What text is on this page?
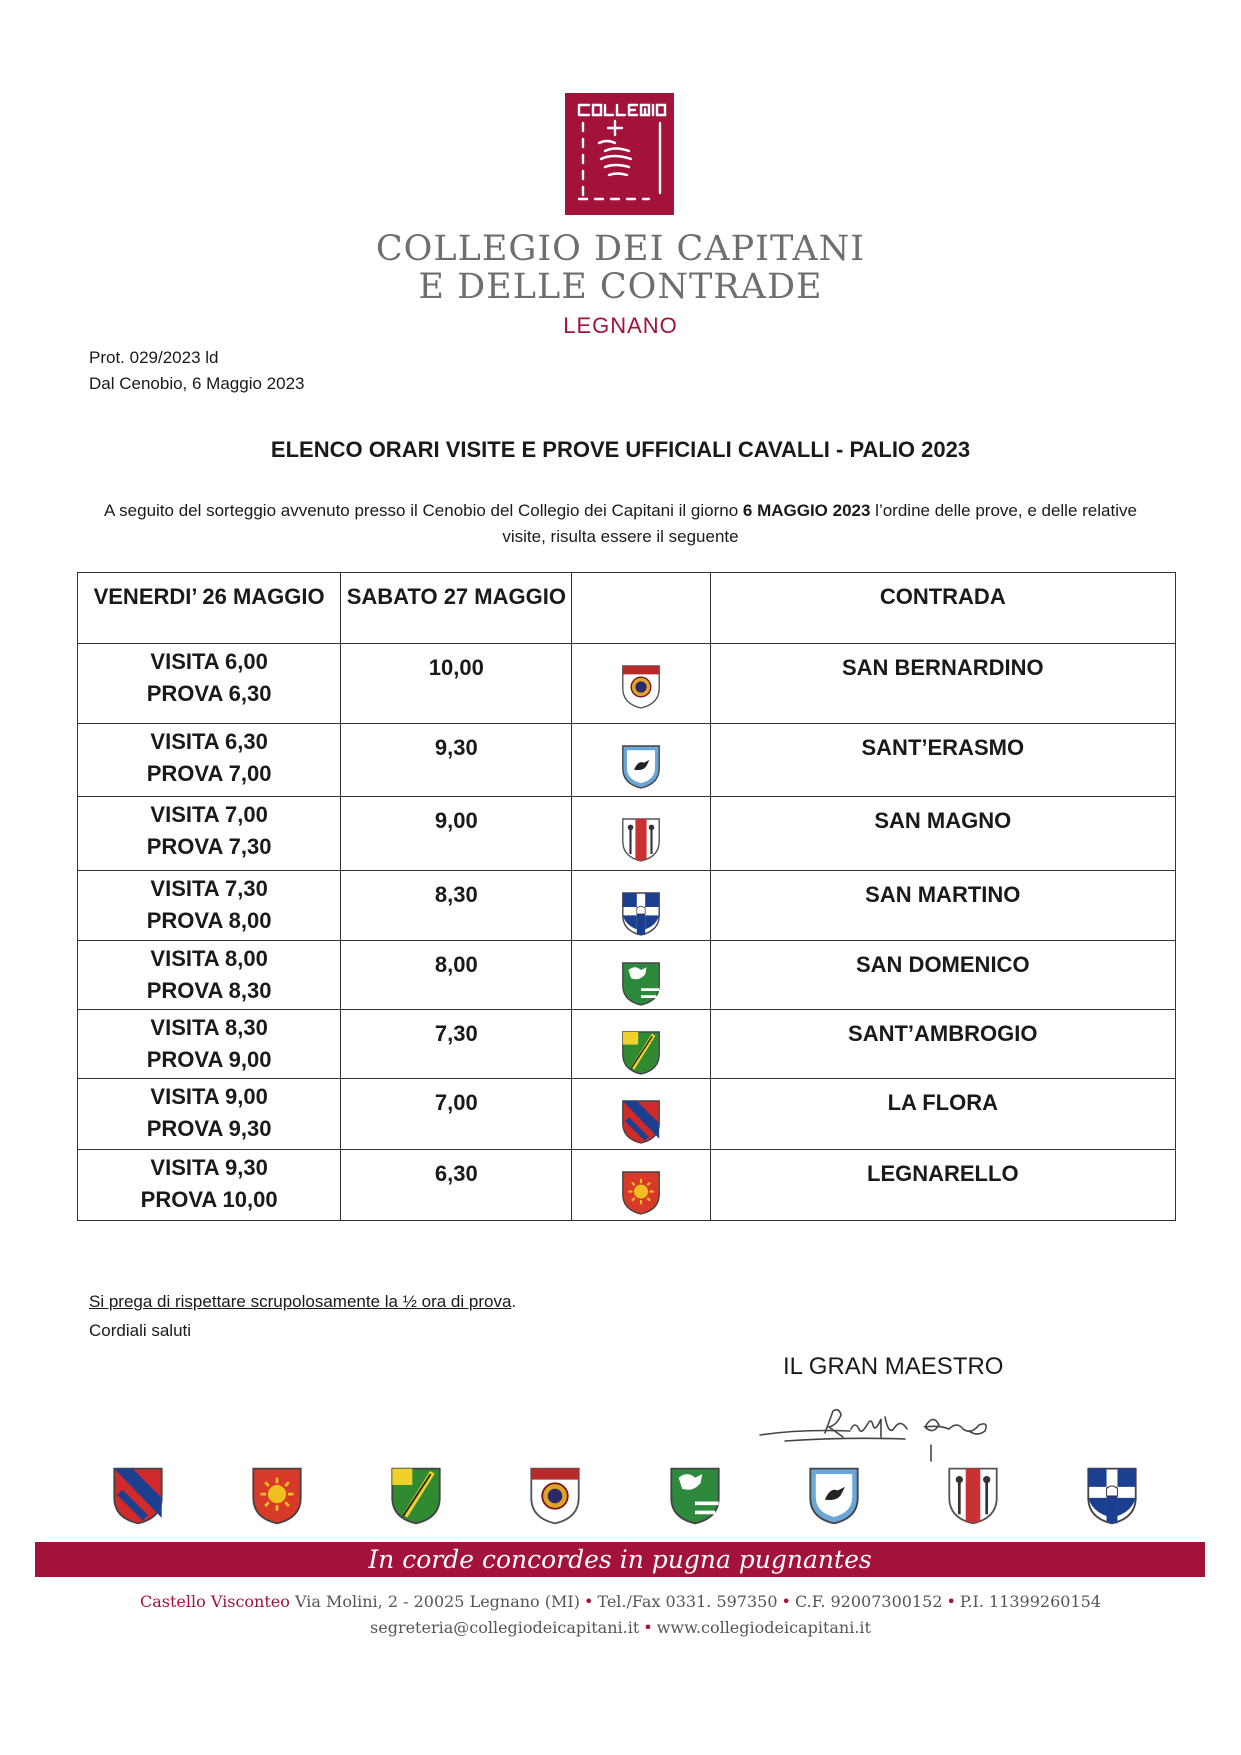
COLLEGIO DEI CAPITANI
E DELLE CONTRADE
LEGNANO
Prot. 029/2023 ld
Dal Cenobio, 6 Maggio 2023
ELENCO ORARI VISITE E PROVE UFFICIALI CAVALLI - PALIO 2023
A seguito del sorteggio avvenuto presso il Cenobio del Collegio dei Capitani il giorno 6 MAGGIO 2023 l’ordine delle prove, e delle relative visite, risulta essere il seguente
VENERDI’ 26 MAGGIO	SABATO 27 MAGGIO		CONTRADA

VISITA 6,00
PROVA 6,30	10,00		SAN BERNARDINO

VISITA 6,30
PROVA 7,00	9,30		SANT’ERASMO

VISITA 7,00
PROVA 7,30	9,00		SAN MAGNO

VISITA 7,30
PROVA 8,00	8,30		SAN MARTINO

VISITA 8,00
PROVA 8,30	8,00		SAN DOMENICO

VISITA 8,30
PROVA 9,00	7,30		SANT’AMBROGIO

VISITA 9,00
PROVA 9,30	7,00		LA FLORA

VISITA 9,30
PROVA 10,00	6,30		LEGNARELLO
Si prega di rispettare scrupolosamente la ½ ora di prova.
Cordiali saluti
IL GRAN MAESTRO
In corde concordes in pugna pugnantes
Castello Visconteo Via Molini, 2 - 20025 Legnano (MI) • Tel./Fax 0331. 597350 • C.F. 92007300152 • P.I. 11399260154
segreteria@collegiodeicapitani.it • www.collegiodeicapitani.it
